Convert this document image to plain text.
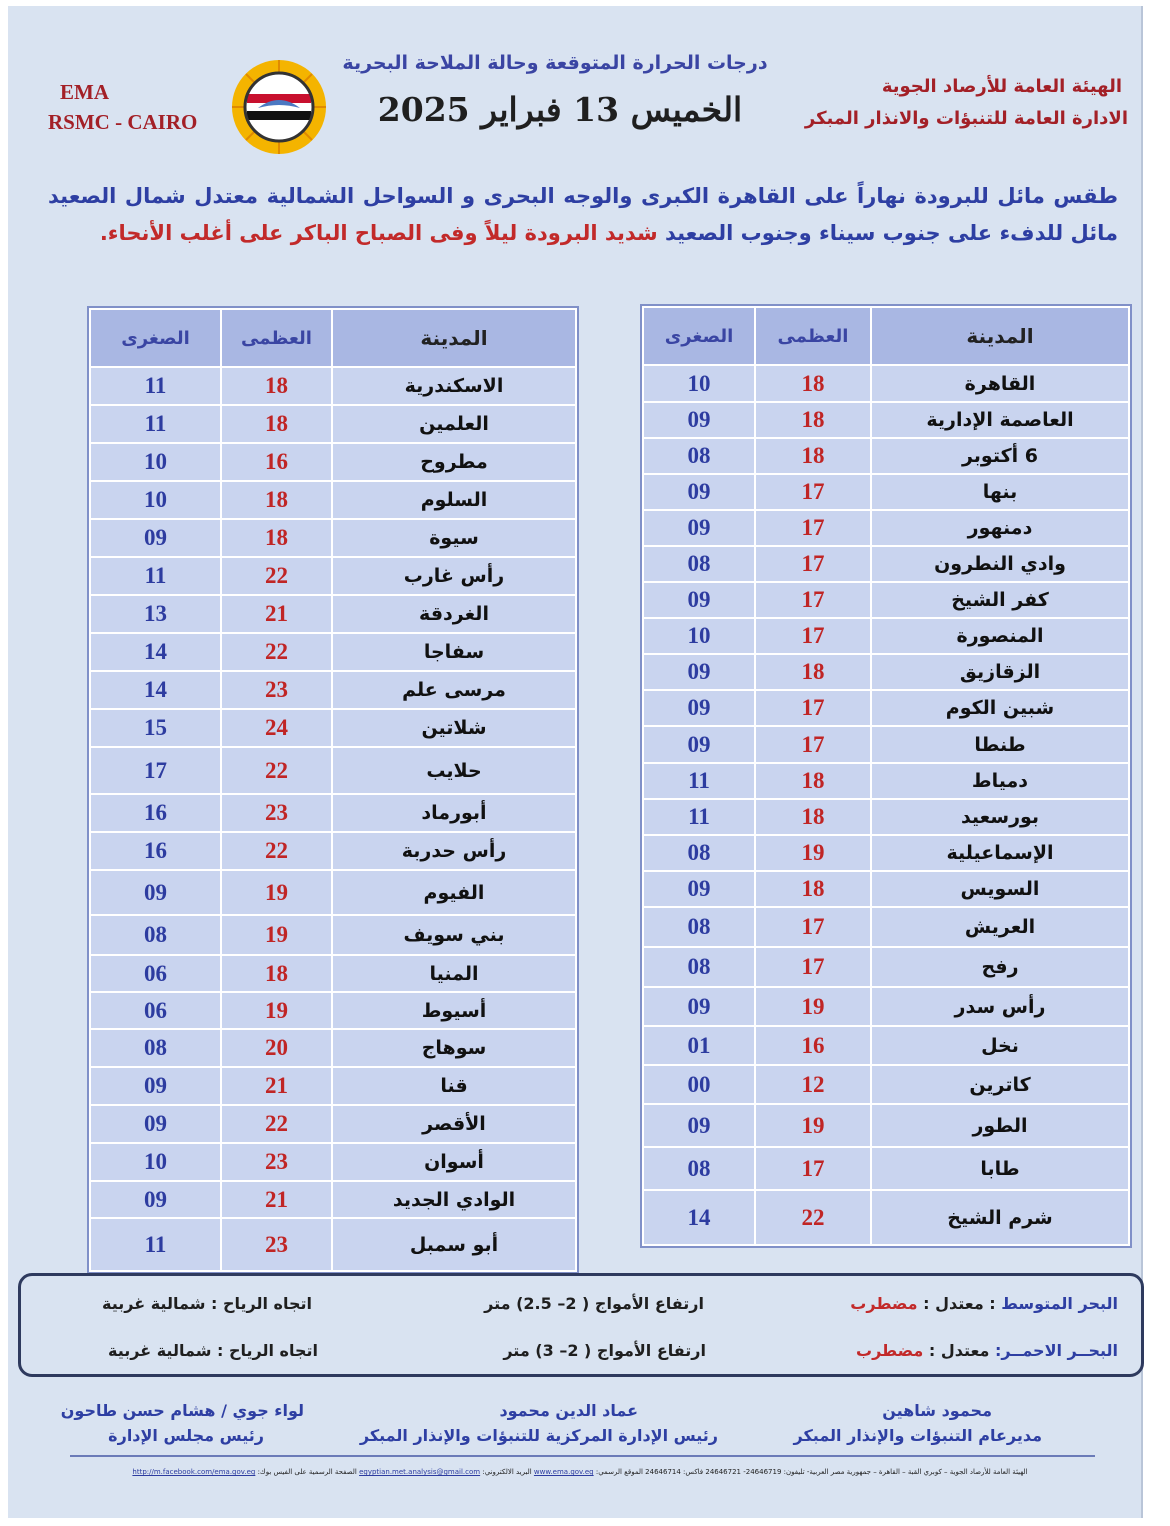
EMA
RSMC - CAIRO
درجات الحرارة المتوقعة وحالة الملاحة البحرية
الخميس 13 فبراير 2025
الهيئة العامة للأرصاد الجوية
الادارة العامة للتنبؤات والانذار المبكر
طقس مائل للبرودة نهاراً على القاهرة الكبرى والوجه البحرى و السواحل الشمالية معتدل شمال الصعيد مائل للدفء على جنوب سيناء وجنوب الصعيد شديد البرودة ليلاً وفى الصباح الباكر على أغلب الأنحاء.
المدينة	العظمى	الصغرى
القاهرة	18	10
العاصمة الإدارية	18	09
6 أكتوبر	18	08
بنها	17	09
دمنهور	17	09
وادي النطرون	17	08
كفر الشيخ	17	09
المنصورة	17	10
الزقازيق	18	09
شبين الكوم	17	09
طنطا	17	09
دمياط	18	11
بورسعيد	18	11
الإسماعيلية	19	08
السويس	18	09
العريش	17	08
رفح	17	08
رأس سدر	19	09
نخل	16	01
كاترين	12	00
الطور	19	09
طابا	17	08
شرم الشيخ	22	14
المدينة	العظمى	الصغرى
الاسكندرية	18	11
العلمين	18	11
مطروح	16	10
السلوم	18	10
سيوة	18	09
رأس غارب	22	11
الغردقة	21	13
سفاجا	22	14
مرسى علم	23	14
شلاتين	24	15
حلايب	22	17
أبورماد	23	16
رأس حدربة	22	16
الفيوم	19	09
بني سويف	19	08
المنيا	18	06
أسيوط	19	06
سوهاج	20	08
قنا	21	09
الأقصر	22	09
أسوان	23	10
الوادي الجديد	21	09
أبو سمبل	23	11
البحر المتوسط : معتدل : مضطرب
ارتفاع الأمواج ( 2– 2.5) متر
اتجاه الرياح : شمالية غربية
البحــر الاحمــر: معتدل : مضطرب
ارتفاع الأمواج ( 2– 3) متر
اتجاه الرياح : شمالية غربية
محمود شاهين
مديرعام التنبؤات والإنذار المبكر
عماد الدين محمود
رئيس الإدارة المركزية للتنبؤات والإنذار المبكر
لواء جوي / هشام حسن طاحون
رئيس مجلس الإدارة
الهيئة العامة للأرصاد الجوية – كوبري القبة – القاهرة – جمهورية مصر العربية- تليفون: 24646719- 24646721 فاكس: 24646714 الموقع الرسمي: www.ema.gov.eg البريد الالكتروني: egyptian.met.analysis@gmail.com الصفحة الرسمية على الفيس بوك: http://m.facebook.com/ema.gov.eg
